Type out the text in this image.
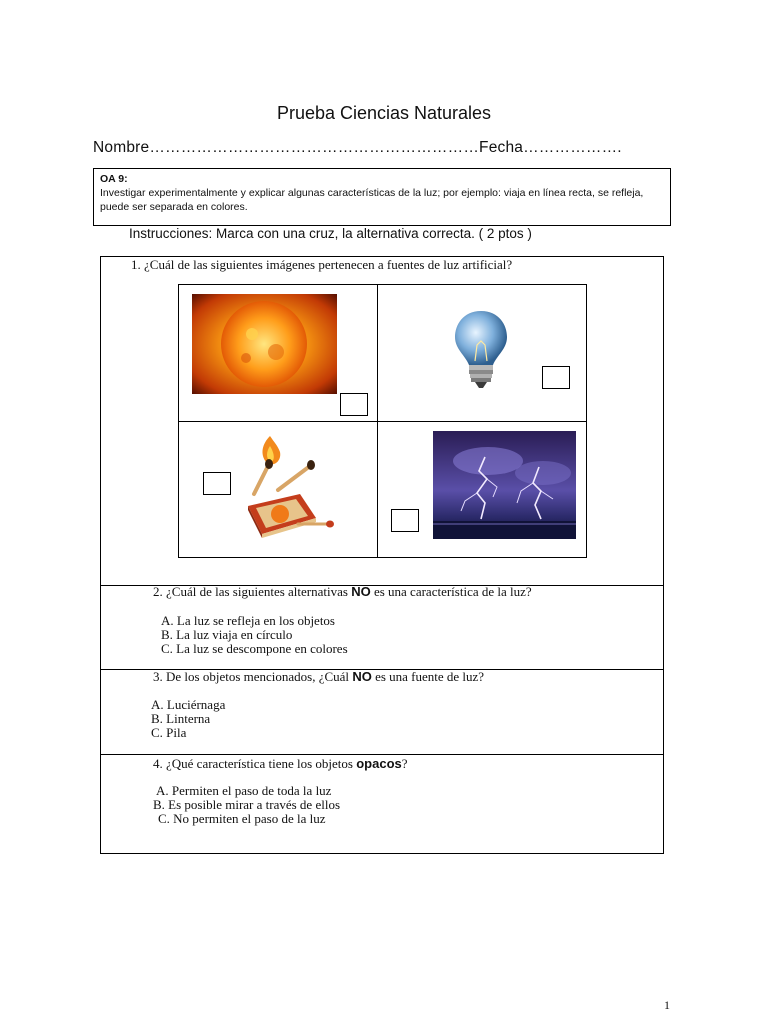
Prueba Ciencias Naturales
Nombre………………………………………………………Fecha……………….
OA 9:
Investigar experimentalmente y explicar algunas características de la luz; por ejemplo: viaja en línea recta, se refleja, puede ser separada en colores.
Instrucciones: Marca con una cruz, la alternativa correcta. ( 2 ptos )
1. ¿Cuál de las siguientes imágenes pertenecen a fuentes de luz artificial?
2. ¿Cuál de las siguientes alternativas NO es una característica de la luz?
A. La luz se refleja en los objetos
B. La luz viaja en círculo
C. La luz se descompone en colores
3. De los objetos mencionados, ¿Cuál NO es una fuente de luz?
A. Luciérnaga
B. Linterna
C. Pila
4. ¿Qué característica tiene los objetos opacos?
A. Permiten el paso de toda la luz
B. Es posible mirar a través de ellos
C. No permiten el paso de la luz
1
